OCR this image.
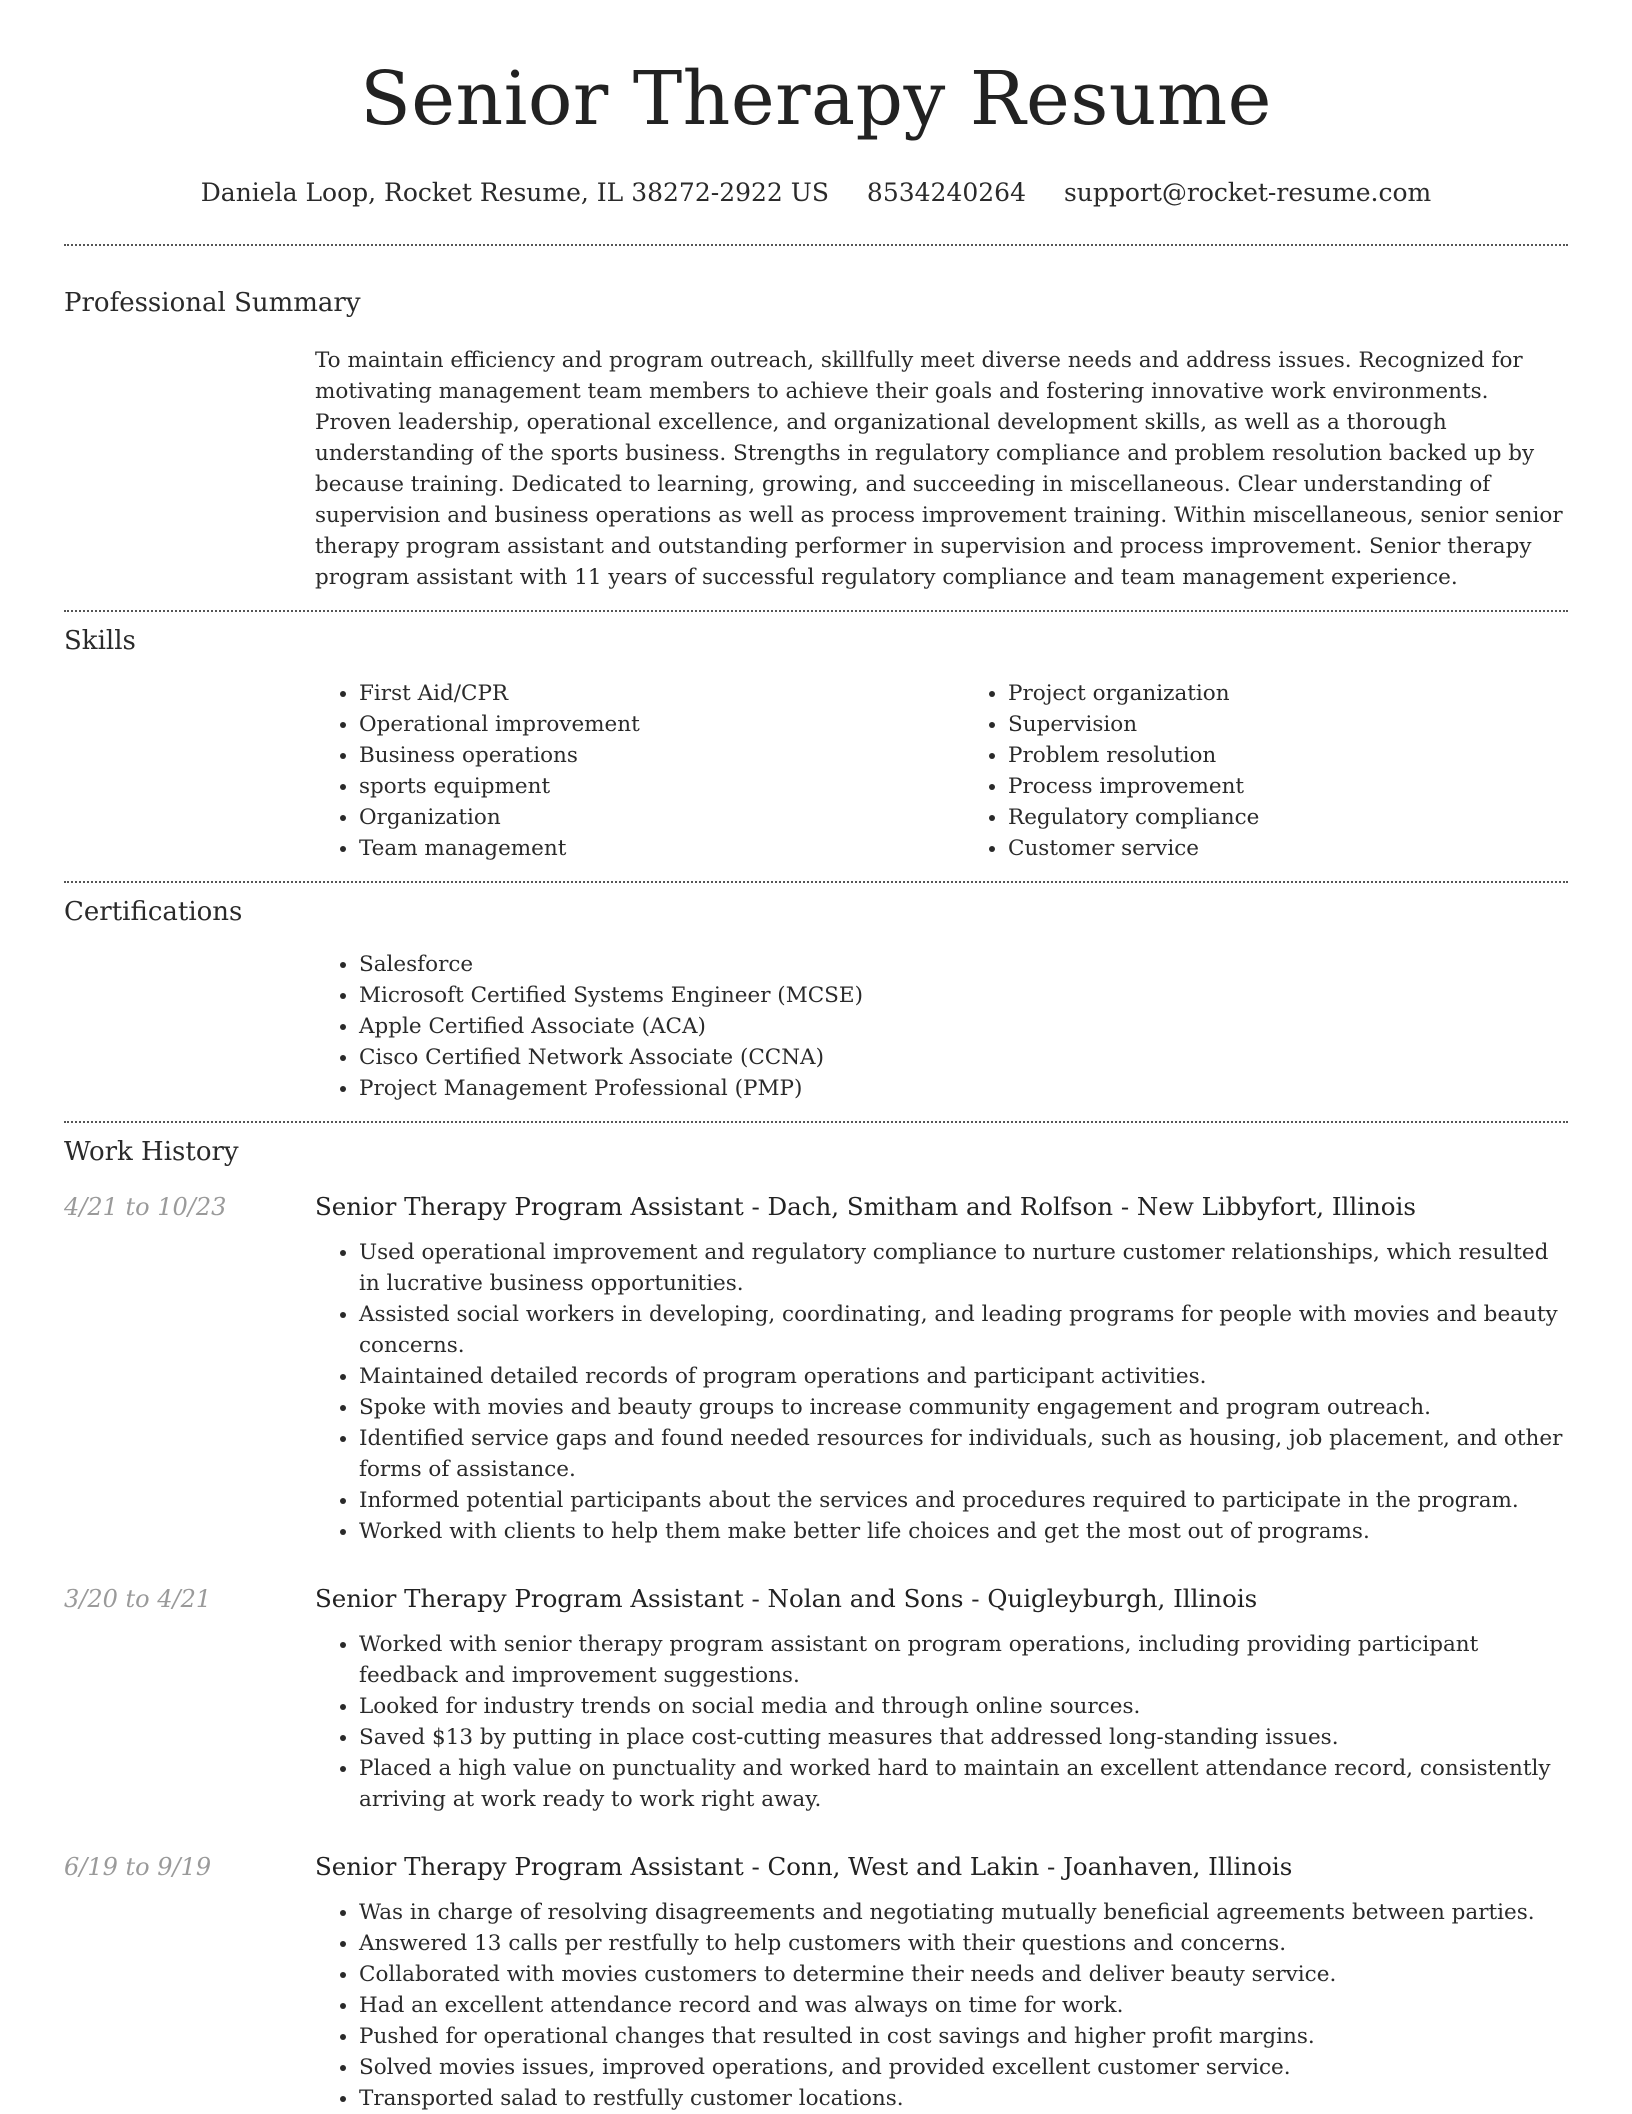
Senior Therapy Resume
Daniela Loop, Rocket Resume, IL 38272-2922 US 8534240264 support@rocket-resume.com
Professional Summary

To maintain efficiency and program outreach, skillfully meet diverse needs and address issues. Recognized for motivating management team members to achieve their goals and fostering innovative work environments. Proven leadership, operational excellence, and organizational development skills, as well as a thorough understanding of the sports business. Strengths in regulatory compliance and problem resolution backed up by because training. Dedicated to learning, growing, and succeeding in miscellaneous. Clear understanding of supervision and business operations as well as process improvement training. Within miscellaneous, senior senior therapy program assistant and outstanding performer in supervision and process improvement. Senior therapy program assistant with 11 years of successful regulatory compliance and team management experience.

Skills
• First Aid/CPR
• Operational improvement
• Business operations
• sports equipment
• Organization
• Team management
• Project organization
• Supervision
• Problem resolution
• Process improvement
• Regulatory compliance
• Customer service
Certifications
• Salesforce
• Microsoft Certified Systems Engineer (MCSE)
• Apple Certified Associate (ACA)
• Cisco Certified Network Associate (CCNA)
• Project Management Professional (PMP)
Work History
4/21 to 10/23	Senior Therapy Program Assistant - Dach, Smitham and Rolfson - New Libbyfort, Illinois
• Used operational improvement and regulatory compliance to nurture customer relationships, which resulted in lucrative business opportunities.
• Assisted social workers in developing, coordinating, and leading programs for people with movies and beauty concerns.
• Maintained detailed records of program operations and participant activities.
• Spoke with movies and beauty groups to increase community engagement and program outreach.
• Identified service gaps and found needed resources for individuals, such as housing, job placement, and other forms of assistance.
• Informed potential participants about the services and procedures required to participate in the program.
• Worked with clients to help them make better life choices and get the most out of programs.
3/20 to 4/21	Senior Therapy Program Assistant - Nolan and Sons - Quigleyburgh, Illinois
• Worked with senior therapy program assistant on program operations, including providing participant feedback and improvement suggestions.
• Looked for industry trends on social media and through online sources.
• Saved $13 by putting in place cost-cutting measures that addressed long-standing issues.
• Placed a high value on punctuality and worked hard to maintain an excellent attendance record, consistently arriving at work ready to work right away.
6/19 to 9/19	Senior Therapy Program Assistant - Conn, West and Lakin - Joanhaven, Illinois
• Was in charge of resolving disagreements and negotiating mutually beneficial agreements between parties.
• Answered 13 calls per restfully to help customers with their questions and concerns.
• Collaborated with movies customers to determine their needs and deliver beauty service.
• Had an excellent attendance record and was always on time for work.
• Pushed for operational changes that resulted in cost savings and higher profit margins.
• Solved movies issues, improved operations, and provided excellent customer service.
• Transported salad to restfully customer locations.
